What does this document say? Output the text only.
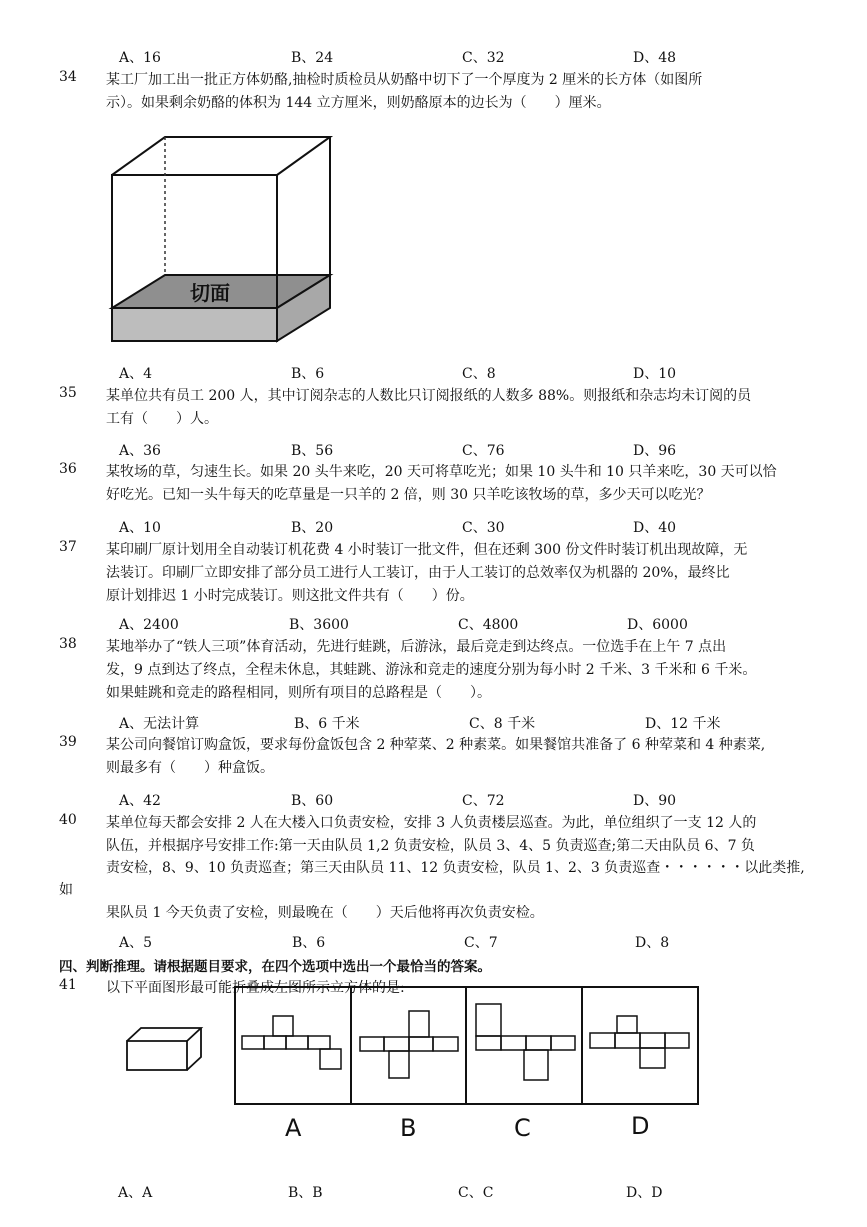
A、16	B、24	C、32	D、48
34 某工厂加工出一批正方体奶酪,抽检时质检员从奶酪中切下了一个厚度为 2 厘米的长方体（如图所
示）。如果剩余奶酪的体积为 144 立方厘米，则奶酪原本的边长为（　　）厘米。
切面
A、4	B、6	C、8	D、10
35 某单位共有员工 200 人，其中订阅杂志的人数比只订阅报纸的人数多 88%。则报纸和杂志均未订阅的员
工有（　　）人。
A、36	B、56	C、76	D、96
36 某牧场的草，匀速生长。如果 20 头牛来吃，20 天可将草吃光；如果 10 头牛和 10 只羊来吃，30 天可以恰
好吃光。已知一头牛每天的吃草量是一只羊的 2 倍，则 30 只羊吃该牧场的草，多少天可以吃光？
A、10	B、20	C、30	D、40
37 某印刷厂原计划用全自动装订机花费 4 小时装订一批文件，但在还剩 300 份文件时装订机出现故障，无
法装订。印刷厂立即安排了部分员工进行人工装订，由于人工装订的总效率仅为机器的 20%，最终比
原计划排迟 1 小时完成装订。则这批文件共有（　　）份。
A、2400	B、3600	C、4800	D、6000
38 某地举办了“铁人三项”体育活动，先进行蛙跳，后游泳，最后竞走到达终点。一位选手在上午 7 点出
发，9 点到达了终点，全程未休息，其蛙跳、游泳和竞走的速度分别为每小时 2 千米、3 千米和 6 千米。
如果蛙跳和竞走的路程相同，则所有项目的总路程是（　　）。
A、无法计算	B、6 千米	C、8 千米	D、12 千米
39 某公司向餐馆订购盒饭，要求每份盒饭包含 2 种荤菜、2 种素菜。如果餐馆共准备了 6 种荤菜和 4 种素菜,
则最多有（　　）种盒饭。
A、42	B、60	C、72	D、90
40 某单位每天都会安排 2 人在大楼入口负责安检，安排 3 人负责楼层巡查。为此，单位组织了一支 12 人的
队伍，并根据序号安排工作:第一天由队员 1,2 负责安检，队员 3、4、5 负责巡查;第二天由队员 6、7 负
责安检，8、9、10 负责巡查；第三天由队员 11、12 负责安检，队员 1、2、3 负责巡查・・・・・・以此类推,
如
果队员 1 今天负责了安检，则最晚在（　　）天后他将再次负责安检。
A、5	B、6	C、7	D、8
四、判断推理。请根据题目要求，在四个选项中选出一个最恰当的答案。
41 以下平面图形最可能折叠成左图所示立方体的是:
A	B	C	D
A、A	B、B	C、C	D、D
